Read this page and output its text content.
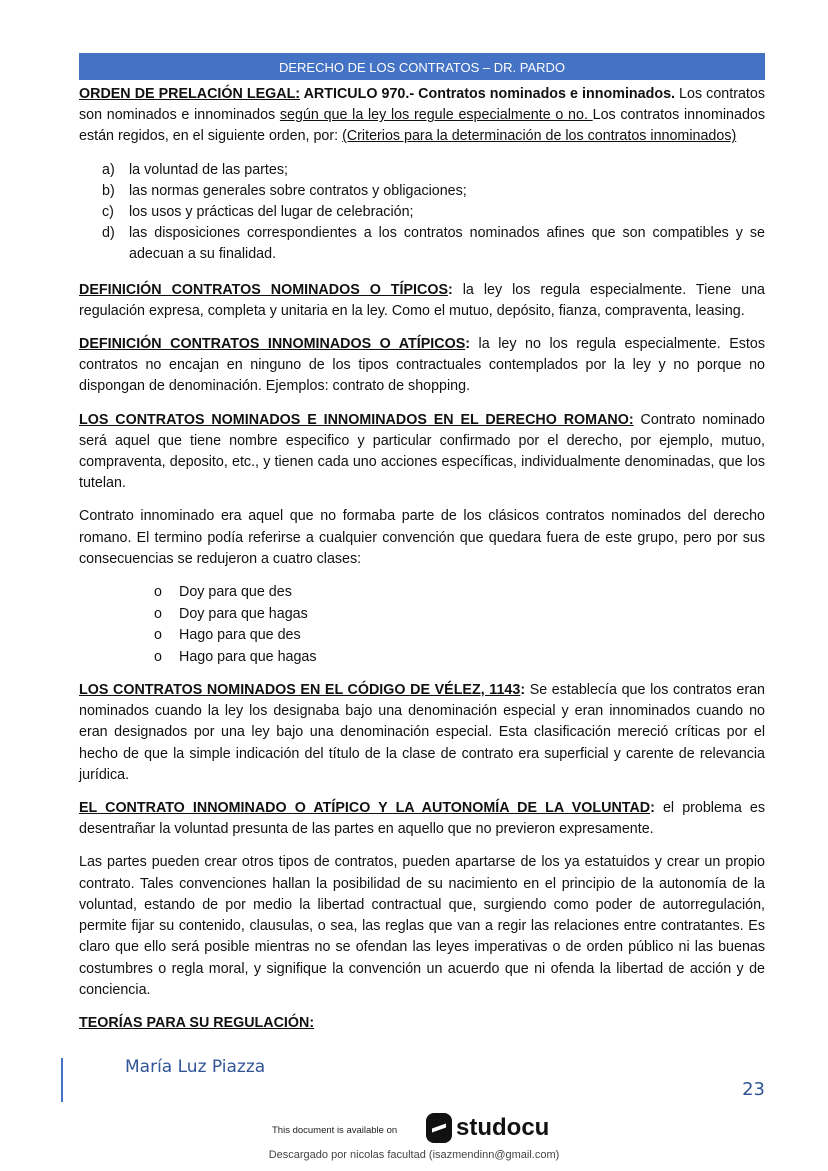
DERECHO DE LOS CONTRATOS – DR. PARDO

ORDEN DE PRELACIÓN LEGAL: ARTICULO 970.- Contratos nominados e innominados. Los contratos son nominados e innominados según que la ley los regule especialmente o no. Los contratos innominados están regidos, en el siguiente orden, por: (Criterios para la determinación de los contratos innominados)

a) la voluntad de las partes;
b) las normas generales sobre contratos y obligaciones;
c) los usos y prácticas del lugar de celebración;
d) las disposiciones correspondientes a los contratos nominados afines que son compatibles y se adecuan a su finalidad.

DEFINICIÓN CONTRATOS NOMINADOS O TÍPICOS: la ley los regula especialmente. Tiene una regulación expresa, completa y unitaria en la ley. Como el mutuo, depósito, fianza, compraventa, leasing.

DEFINICIÓN CONTRATOS INNOMINADOS O ATÍPICOS: la ley no los regula especialmente. Estos contratos no encajan en ninguno de los tipos contractuales contemplados por la ley y no porque no dispongan de denominación. Ejemplos: contrato de shopping.

LOS CONTRATOS NOMINADOS E INNOMINADOS EN EL DERECHO ROMANO: Contrato nominado será aquel que tiene nombre especifico y particular confirmado por el derecho, por ejemplo, mutuo, compraventa, deposito, etc., y tienen cada uno acciones específicas, individualmente denominadas, que los tutelan.

Contrato innominado era aquel que no formaba parte de los clásicos contratos nominados del derecho romano. El termino podía referirse a cualquier convención que quedara fuera de este grupo, pero por sus consecuencias se redujeron a cuatro clases:

o Doy para que des
o Doy para que hagas
o Hago para que des
o Hago para que hagas

LOS CONTRATOS NOMINADOS EN EL CÓDIGO DE VÉLEZ, 1143: Se establecía que los contratos eran nominados cuando la ley los designaba bajo una denominación especial y eran innominados cuando no eran designados por una ley bajo una denominación especial. Esta clasificación mereció críticas por el hecho de que la simple indicación del título de la clase de contrato era superficial y carente de relevancia jurídica.

EL CONTRATO INNOMINADO O ATÍPICO Y LA AUTONOMÍA DE LA VOLUNTAD: el problema es desentrañar la voluntad presunta de las partes en aquello que no previeron expresamente.

Las partes pueden crear otros tipos de contratos, pueden apartarse de los ya estatuidos y crear un propio contrato. Tales convenciones hallan la posibilidad de su nacimiento en el principio de la autonomía de la voluntad, estando de por medio la libertad contractual que, surgiendo como poder de autorregulación, permite fijar su contenido, clausulas, o sea, las reglas que van a regir las relaciones entre contratantes. Es claro que ello será posible mientras no se ofendan las leyes imperativas o de orden público ni las buenas costumbres o regla moral, y signifique la convención un acuerdo que ni ofenda la libertad de acción y de conciencia.

TEORÍAS PARA SU REGULACIÓN:

María Luz Piazza
23
This document is available on studocu
Descargado por nicolas facultad (isazmendinn@gmail.com)
